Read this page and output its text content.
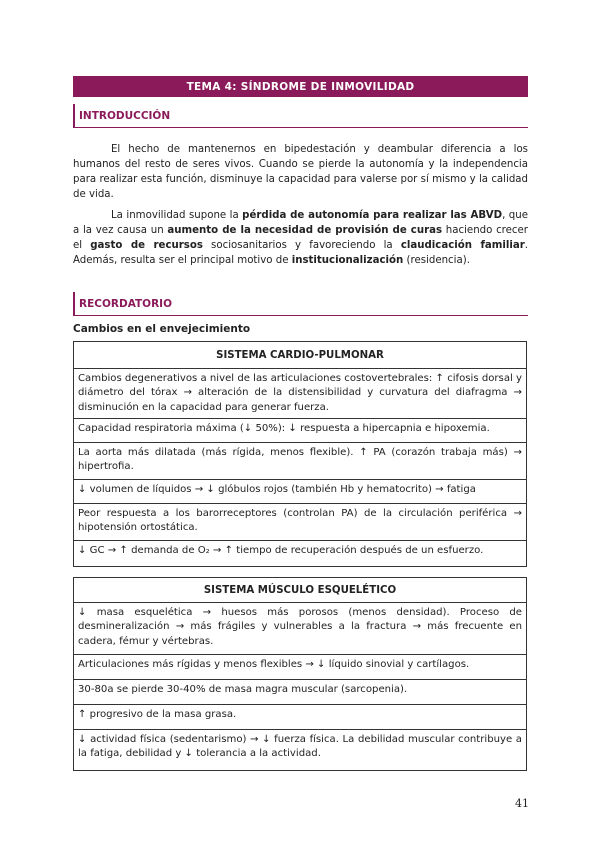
TEMA 4: SÍNDROME DE INMOVILIDAD
INTRODUCCIÓN

El hecho de mantenernos en bipedestación y deambular diferencia a los humanos del resto de seres vivos. Cuando se pierde la autonomía y la independencia para realizar esta función, disminuye la capacidad para valerse por sí mismo y la calidad de vida.

La inmovilidad supone la pérdida de autonomía para realizar las ABVD, que a la vez causa un aumento de la necesidad de provisión de curas haciendo crecer el gasto de recursos sociosanitarios y favoreciendo la claudicación familiar. Además, resulta ser el principal motivo de institucionalización (residencia).

RECORDATORIO
Cambios en el envejecimiento
SISTEMA CARDIO-PULMONAR
Cambios degenerativos a nivel de las articulaciones costovertebrales: ↑ cifosis dorsal y diámetro del tórax → alteración de la distensibilidad y curvatura del diafragma → disminución en la capacidad para generar fuerza.
Capacidad respiratoria máxima (↓ 50%): ↓ respuesta a hipercapnia e hipoxemia.
La aorta más dilatada (más rígida, menos flexible). ↑ PA (corazón trabaja más) → hipertrofia.
↓ volumen de líquidos → ↓ glóbulos rojos (también Hb y hematocrito) → fatiga
Peor respuesta a los barorreceptores (controlan PA) de la circulación periférica → hipotensión ortostática.
↓ GC → ↑ demanda de O₂ → ↑ tiempo de recuperación después de un esfuerzo.
SISTEMA MÚSCULO ESQUELÉTICO
↓ masa esquelética → huesos más porosos (menos densidad). Proceso de desmineralización → más frágiles y vulnerables a la fractura → más frecuente en cadera, fémur y vértebras.
Articulaciones más rígidas y menos flexibles → ↓ líquido sinovial y cartílagos.
30-80a se pierde 30-40% de masa magra muscular (sarcopenia).
↑ progresivo de la masa grasa.
↓ actividad física (sedentarismo) → ↓ fuerza física. La debilidad muscular contribuye a la fatiga, debilidad y ↓ tolerancia a la actividad.
41
